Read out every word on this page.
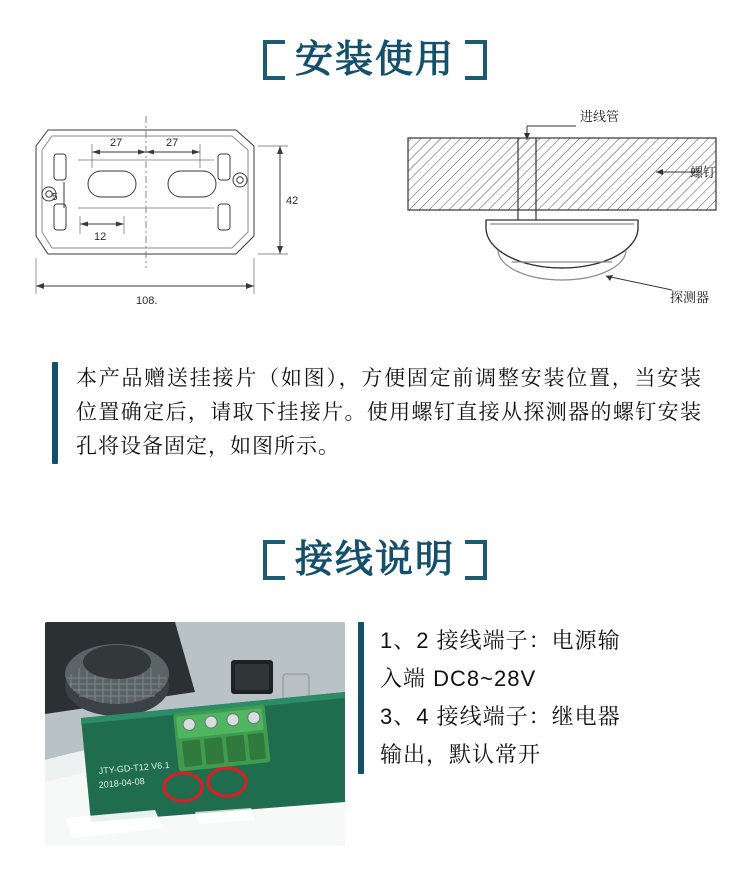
安装使用
108.
42
27	27
12
5
进线管
螺钉
探测器
本产品赠送挂接片（如图），方便固定前调整安装位置，当安装位置确定后，请取下挂接片。使用螺钉直接从探测器的螺钉安装孔将设备固定，如图所示。
接线说明
JTY-GD-T12 V6.1
2018-04-08
1、2 接线端子：电源输
入端 DC8~28V
3、4 接线端子：继电器
输出，默认常开
